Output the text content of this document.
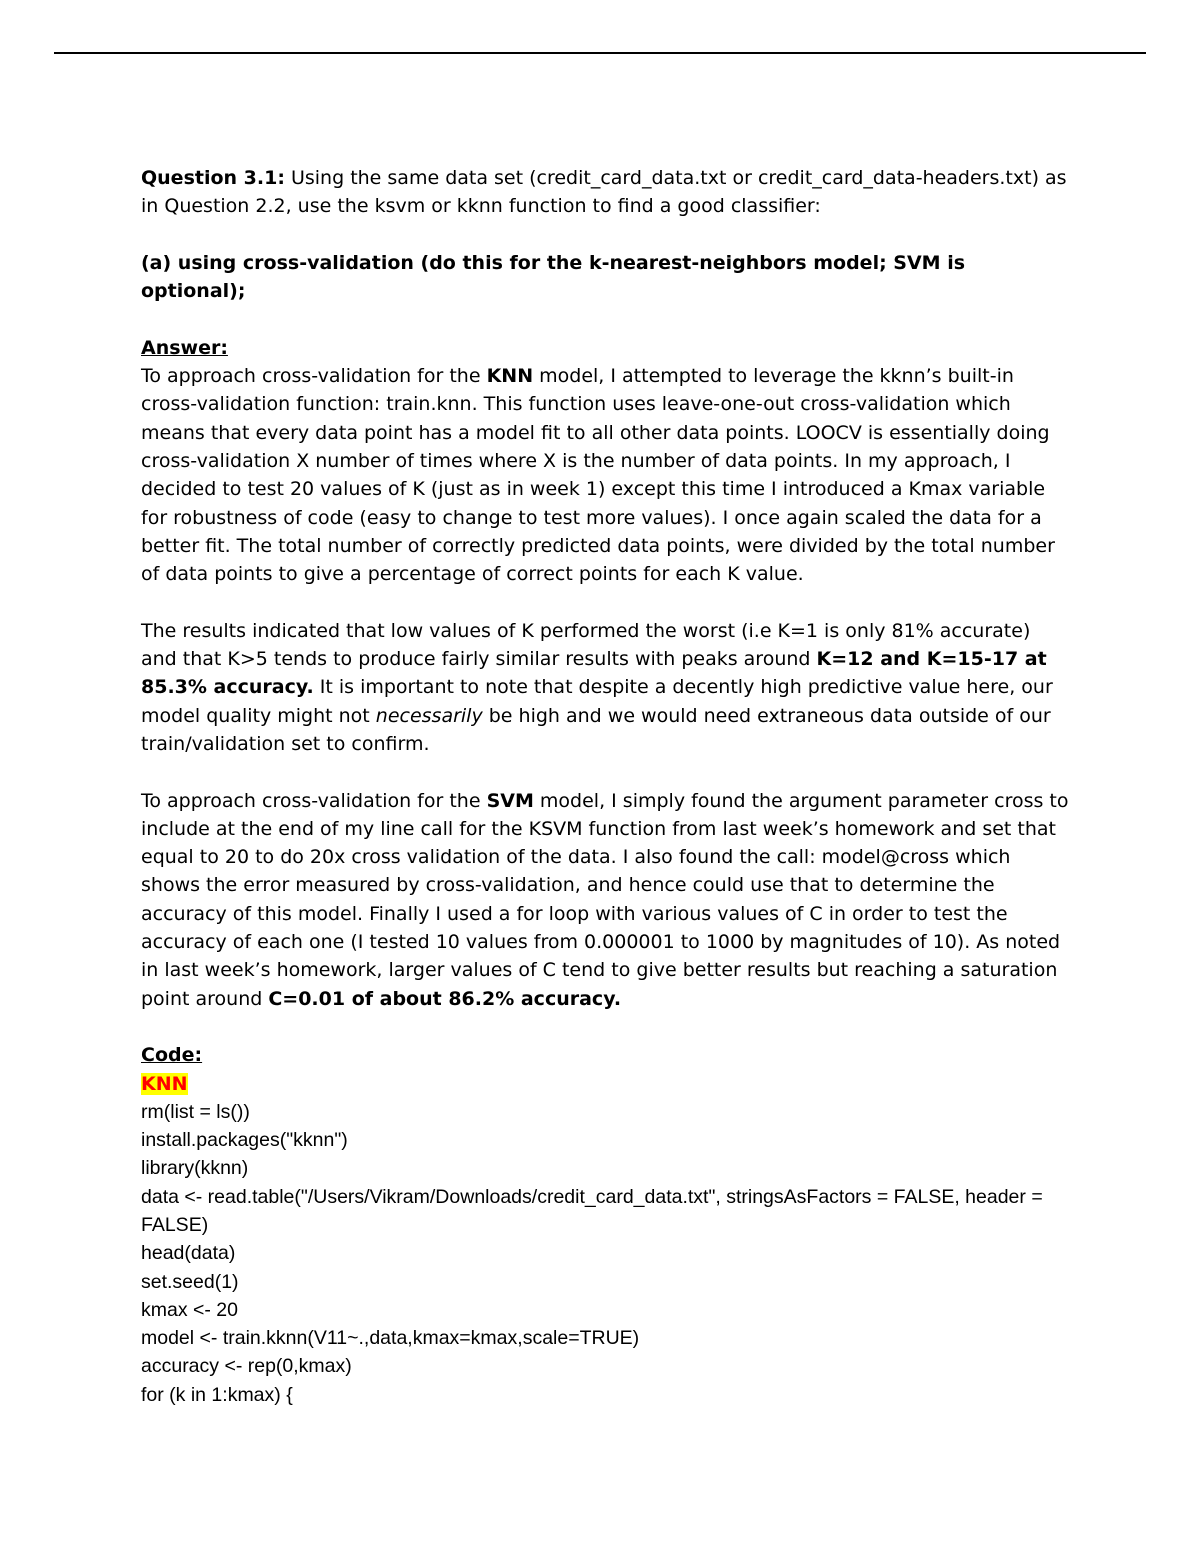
Question 3.1: Using the same data set (credit_card_data.txt or credit_card_data-headers.txt) as in Question 2.2, use the ksvm or kknn function to find a good classifier:

(a) using cross-validation (do this for the k-nearest-neighbors model; SVM is optional);

Answer:

To approach cross-validation for the KNN model, I attempted to leverage the kknn’s built-in cross-validation function: train.knn. This function uses leave-one-out cross-validation which means that every data point has a model fit to all other data points. LOOCV is essentially doing cross-validation X number of times where X is the number of data points. In my approach, I decided to test 20 values of K (just as in week 1) except this time I introduced a Kmax variable for robustness of code (easy to change to test more values). I once again scaled the data for a better fit. The total number of correctly predicted data points, were divided by the total number of data points to give a percentage of correct points for each K value.

The results indicated that low values of K performed the worst (i.e K=1 is only 81% accurate) and that K>5 tends to produce fairly similar results with peaks around K=12 and K=15-17 at 85.3% accuracy. It is important to note that despite a decently high predictive value here, our model quality might not necessarily be high and we would need extraneous data outside of our train/validation set to confirm.

To approach cross-validation for the SVM model, I simply found the argument parameter cross to include at the end of my line call for the KSVM function from last week’s homework and set that equal to 20 to do 20x cross validation of the data. I also found the call: model@cross which shows the error measured by cross-validation, and hence could use that to determine the accuracy of this model. Finally I used a for loop with various values of C in order to test the accuracy of each one (I tested 10 values from 0.000001 to 1000 by magnitudes of 10). As noted in last week’s homework, larger values of C tend to give better results but reaching a saturation point around C=0.01 of about 86.2% accuracy.

Code:

KNN

rm(list = ls())

install.packages("kknn")

library(kknn)

data <- read.table("/Users/Vikram/Downloads/credit_card_data.txt", stringsAsFactors = FALSE, header = FALSE)

head(data)

set.seed(1)

kmax <- 20

model <- train.kknn(V11~.,data,kmax=kmax,scale=TRUE)

accuracy <- rep(0,kmax)

for (k in 1:kmax) {
